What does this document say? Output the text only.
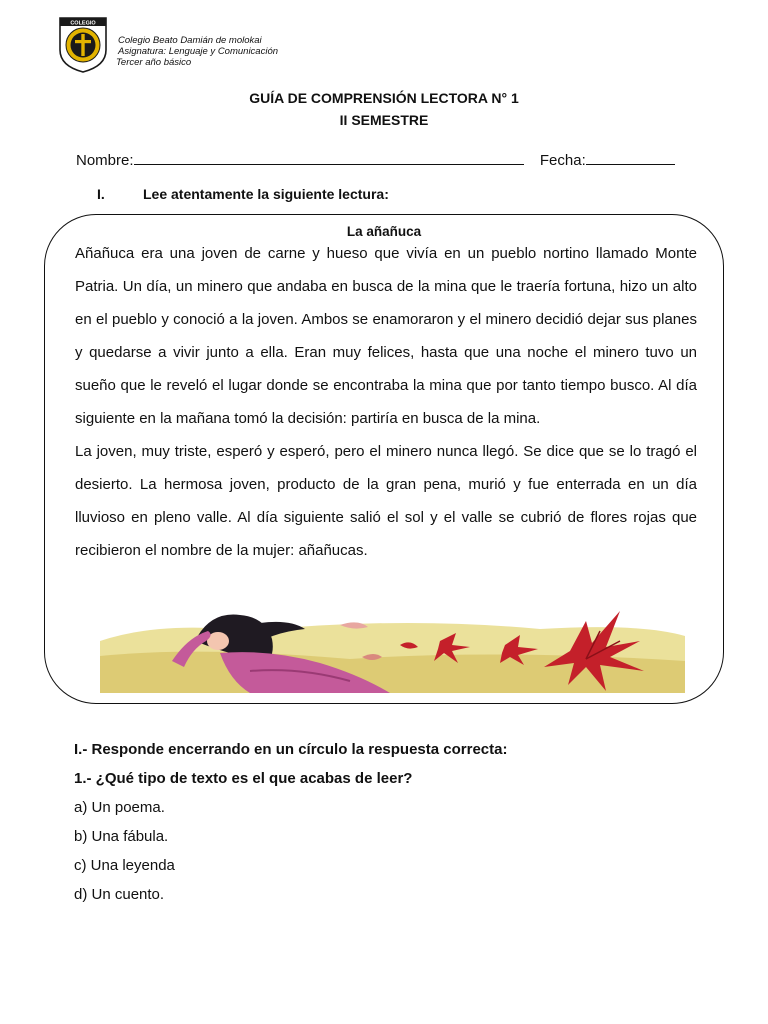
COLEGIO
Colegio Beato Damián de molokai
Asignatura: Lenguaje y Comunicación
Tercer año básico
GUÍA DE COMPRENSIÓN LECTORA N° 1
II SEMESTRE
Nombre:	Fecha:
I.	Lee atentamente la siguiente lectura:
La añañuca

Añañuca era una joven de carne y hueso que vivía en un pueblo nortino llamado Monte Patria. Un día, un minero que andaba en busca de la mina que le traería fortuna, hizo un alto en el pueblo y conoció a la joven. Ambos se enamoraron y el minero decidió dejar sus planes y quedarse a vivir junto a ella. Eran muy felices, hasta que una noche el minero tuvo un sueño que le reveló el lugar donde se encontraba la mina que por tanto tiempo busco. Al día siguiente en la mañana tomó la decisión: partiría en busca de la mina.

La joven, muy triste, esperó y esperó, pero el minero nunca llegó. Se dice que se lo tragó el desierto. La hermosa joven, producto de la gran pena, murió y fue enterrada en un día lluvioso en pleno valle. Al día siguiente salió el sol y el valle se cubrió de flores rojas que recibieron el nombre de la mujer: añañucas.

I.- Responde encerrando en un círculo la respuesta correcta:
1.- ¿Qué tipo de texto es el que acabas de leer?
a) Un poema.
b) Una fábula.
c) Una leyenda
d) Un cuento.
